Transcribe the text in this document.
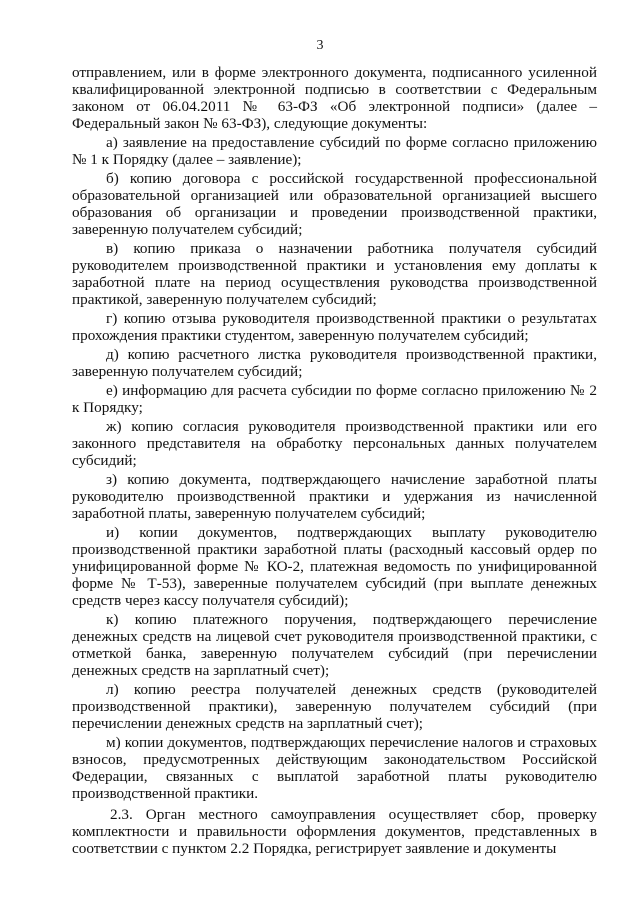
3

отправлением, или в форме электронного документа, подписанного усиленной квалифицированной электронной подписью в соответствии с Федеральным законом от 06.04.2011 № 63-ФЗ «Об электронной подписи» (далее – Федеральный закон № 63-ФЗ), следующие документы:

а) заявление на предоставление субсидий по форме согласно приложению № 1 к Порядку (далее – заявление);

б) копию договора с российской государственной профессиональной образовательной организацией или образовательной организацией высшего образования об организации и проведении производственной практики, заверенную получателем субсидий;

в) копию приказа о назначении работника получателя субсидий руководителем производственной практики и установления ему доплаты к заработной плате на период осуществления руководства производственной практикой, заверенную получателем субсидий;

г) копию отзыва руководителя производственной практики о результатах прохождения практики студентом, заверенную получателем субсидий;

д) копию расчетного листка руководителя производственной практики, заверенную получателем субсидий;

е) информацию для расчета субсидии по форме согласно приложению № 2 к Порядку;

ж) копию согласия руководителя производственной практики или его законного представителя на обработку персональных данных получателем субсидий;

з) копию документа, подтверждающего начисление заработной платы руководителю производственной практики и удержания из начисленной заработной платы, заверенную получателем субсидий;

и) копии документов, подтверждающих выплату руководителю производственной практики заработной платы (расходный кассовый ордер по унифицированной форме № КО-2, платежная ведомость по унифицированной форме № Т-53), заверенные получателем субсидий (при выплате денежных средств через кассу получателя субсидий);

к) копию платежного поручения, подтверждающего перечисление денежных средств на лицевой счет руководителя производственной практики, с отметкой банка, заверенную получателем субсидий (при перечислении денежных средств на зарплатный счет);

л) копию реестра получателей денежных средств (руководителей производственной практики), заверенную получателем субсидий (при перечислении денежных средств на зарплатный счет);

м) копии документов, подтверждающих перечисление налогов и страховых взносов, предусмотренных действующим законодательством Российской Федерации, связанных с выплатой заработной платы руководителю производственной практики.

2.3. Орган местного самоуправления осуществляет сбор, проверку комплектности и правильности оформления документов, представленных в соответствии с пунктом 2.2 Порядка, регистрирует заявление и документы
